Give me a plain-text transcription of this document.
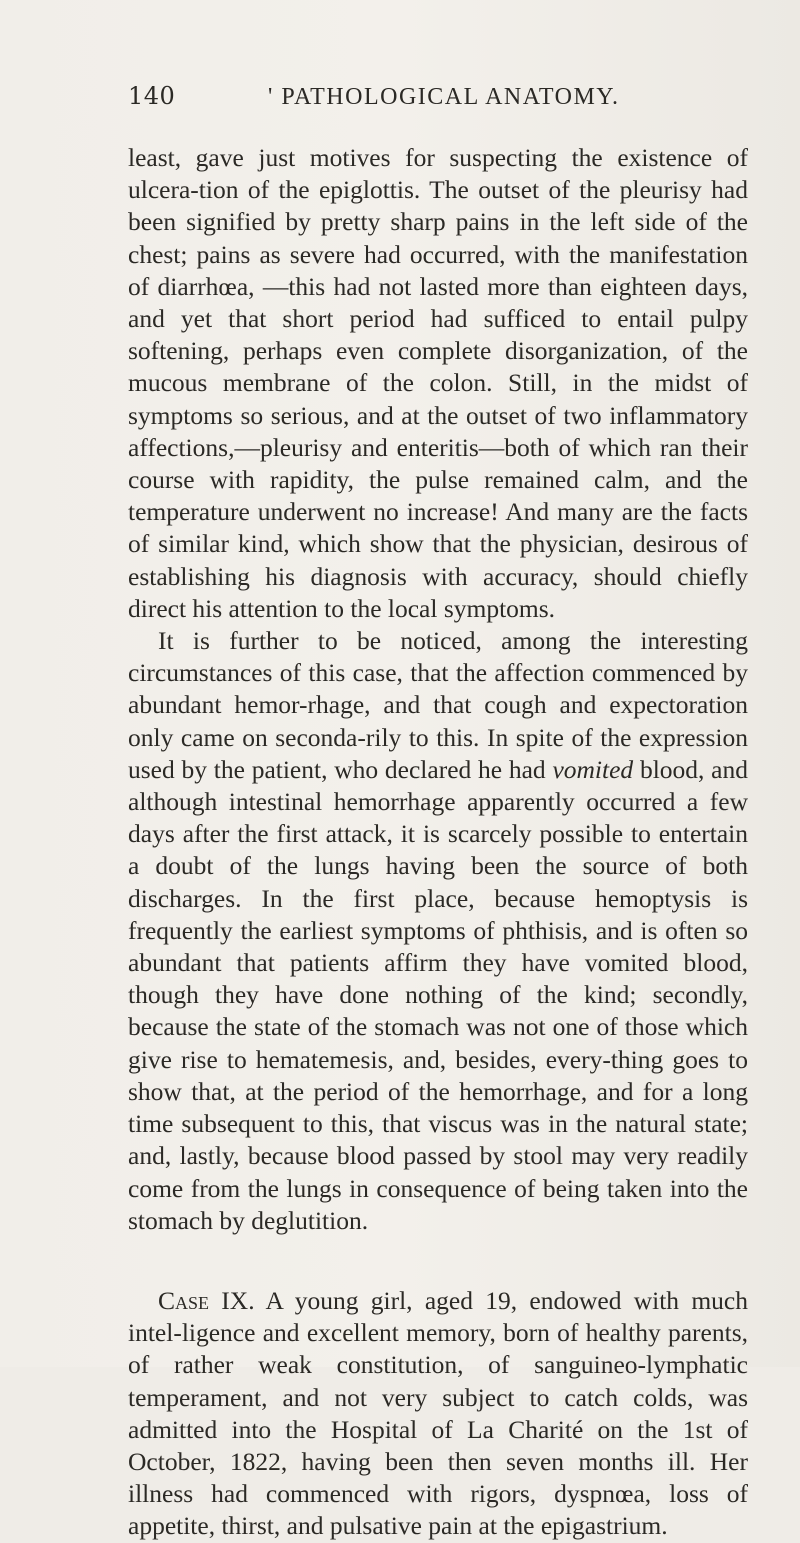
140	' PATHOLOGICAL ANATOMY.

least, gave just motives for suspecting the existence of ulcera-tion of the epiglottis. The outset of the pleurisy had been signified by pretty sharp pains in the left side of the chest; pains as severe had occurred, with the manifestation of diarrhœa, —this had not lasted more than eighteen days, and yet that short period had sufficed to entail pulpy softening, perhaps even complete disorganization, of the mucous membrane of the colon. Still, in the midst of symptoms so serious, and at the outset of two inflammatory affections,—pleurisy and enteritis—both of which ran their course with rapidity, the pulse remained calm, and the temperature underwent no increase! And many are the facts of similar kind, which show that the physician, desirous of establishing his diagnosis with accuracy, should chiefly direct his attention to the local symptoms.

It is further to be noticed, among the interesting circumstances of this case, that the affection commenced by abundant hemor-rhage, and that cough and expectoration only came on seconda-rily to this. In spite of the expression used by the patient, who declared he had vomited blood, and although intestinal hemorrhage apparently occurred a few days after the first attack, it is scarcely possible to entertain a doubt of the lungs having been the source of both discharges. In the first place, because hemoptysis is frequently the earliest symptoms of phthisis, and is often so abundant that patients affirm they have vomited blood, though they have done nothing of the kind; secondly, because the state of the stomach was not one of those which give rise to hematemesis, and, besides, every-thing goes to show that, at the period of the hemorrhage, and for a long time subsequent to this, that viscus was in the natural state; and, lastly, because blood passed by stool may very readily come from the lungs in consequence of being taken into the stomach by deglutition.

Case IX. A young girl, aged 19, endowed with much intel-ligence and excellent memory, born of healthy parents, of rather weak constitution, of sanguineo-lymphatic temperament, and not very subject to catch colds, was admitted into the Hospital of La Charité on the 1st of October, 1822, having been then seven months ill. Her illness had commenced with rigors, dyspnœa, loss of appetite, thirst, and pulsative pain at the epigastrium.
